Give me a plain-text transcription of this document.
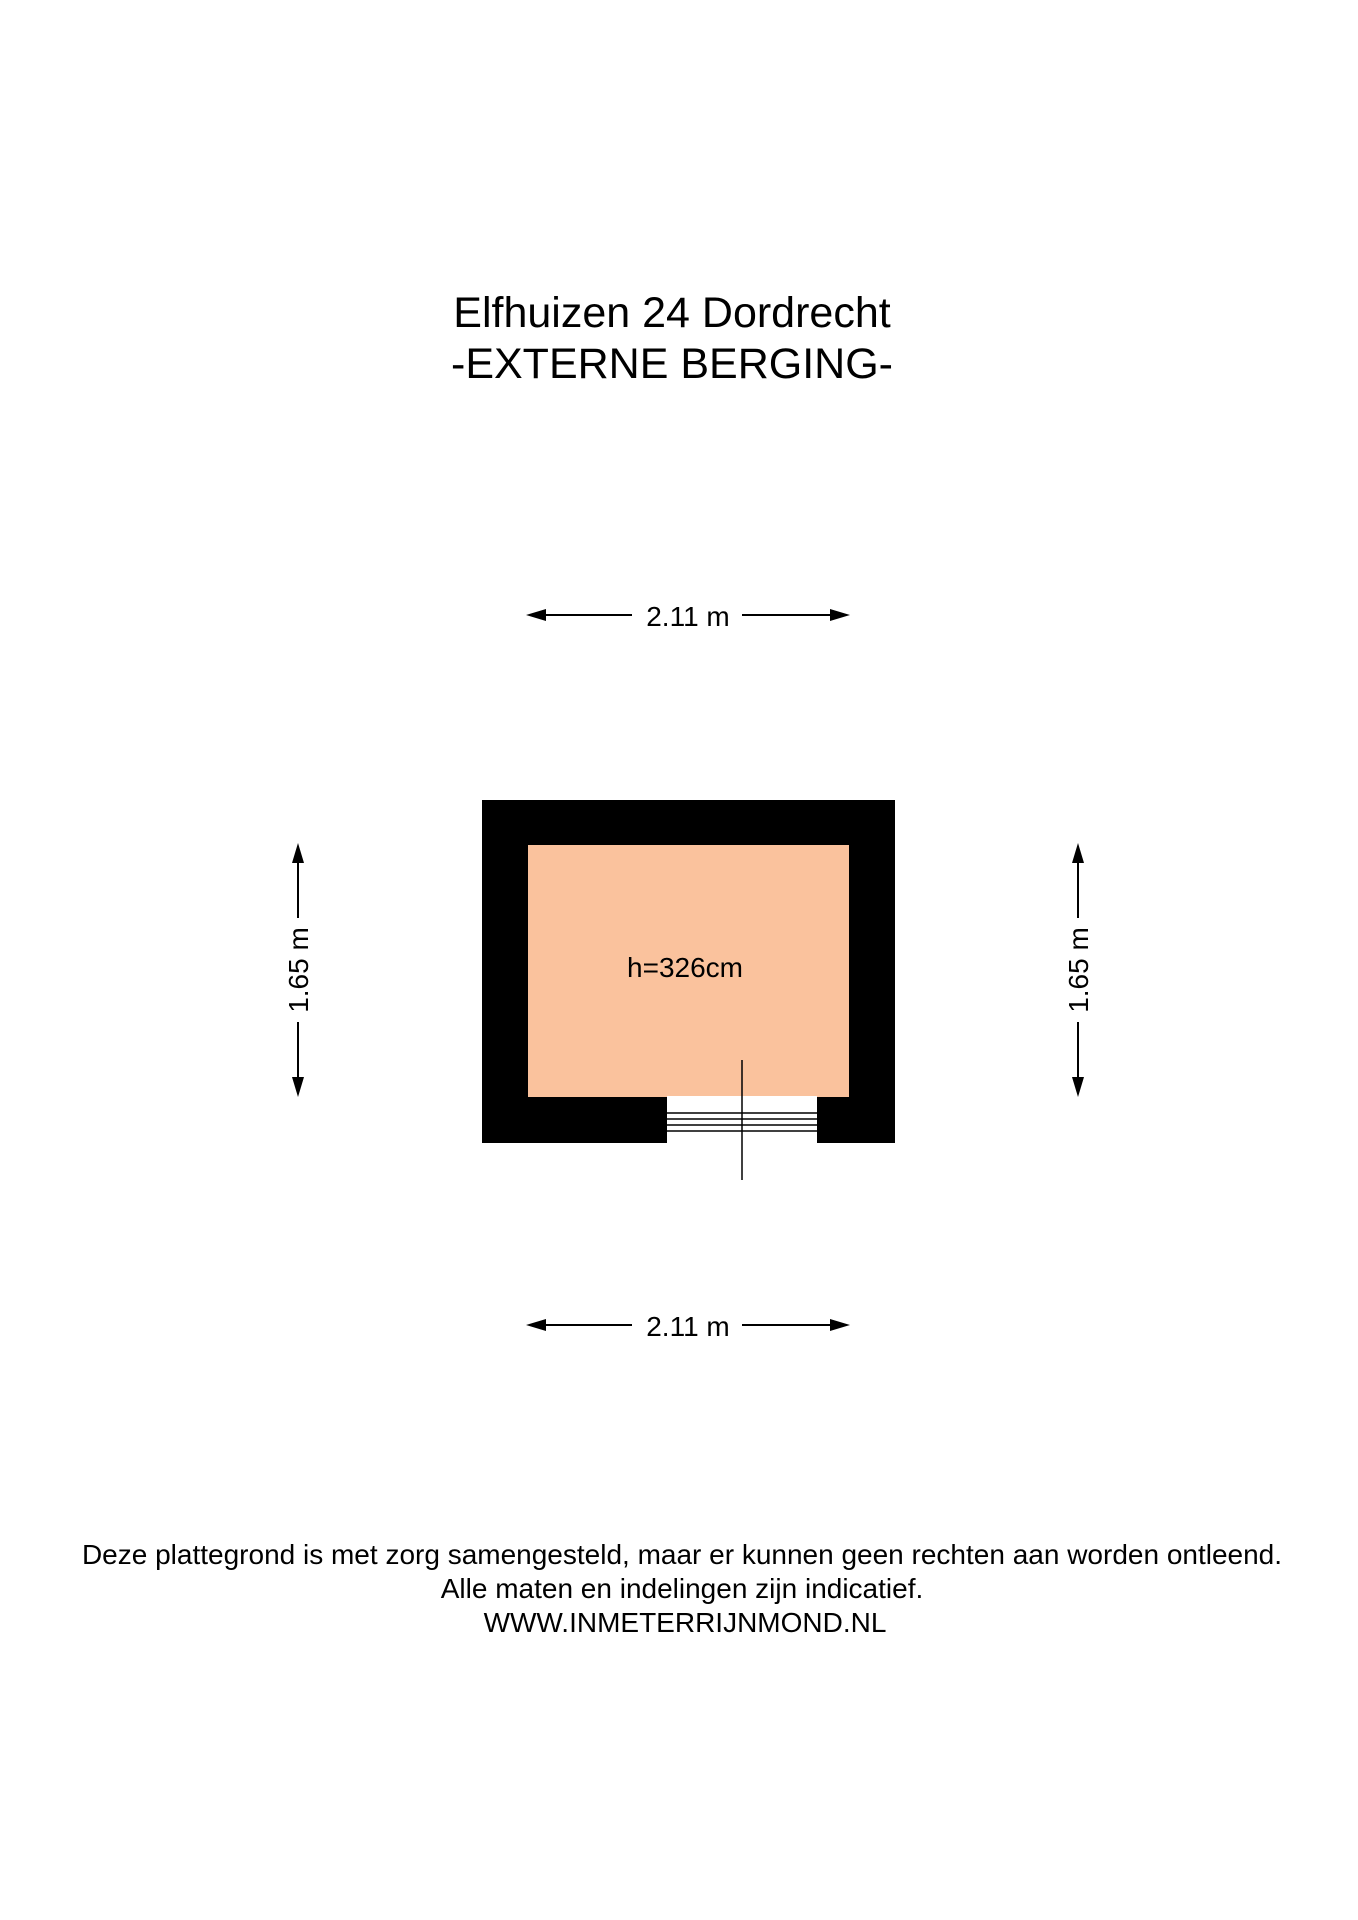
Elfhuizen 24 Dordrecht
-EXTERNE BERGING-
2.11 m
1.65 m	1.65 m
h=326cm
2.11 m
Deze plattegrond is met zorg samengesteld, maar er kunnen geen rechten aan worden ontleend.
Alle maten en indelingen zijn indicatief.
WWW.INMETERRIJNMOND.NL
